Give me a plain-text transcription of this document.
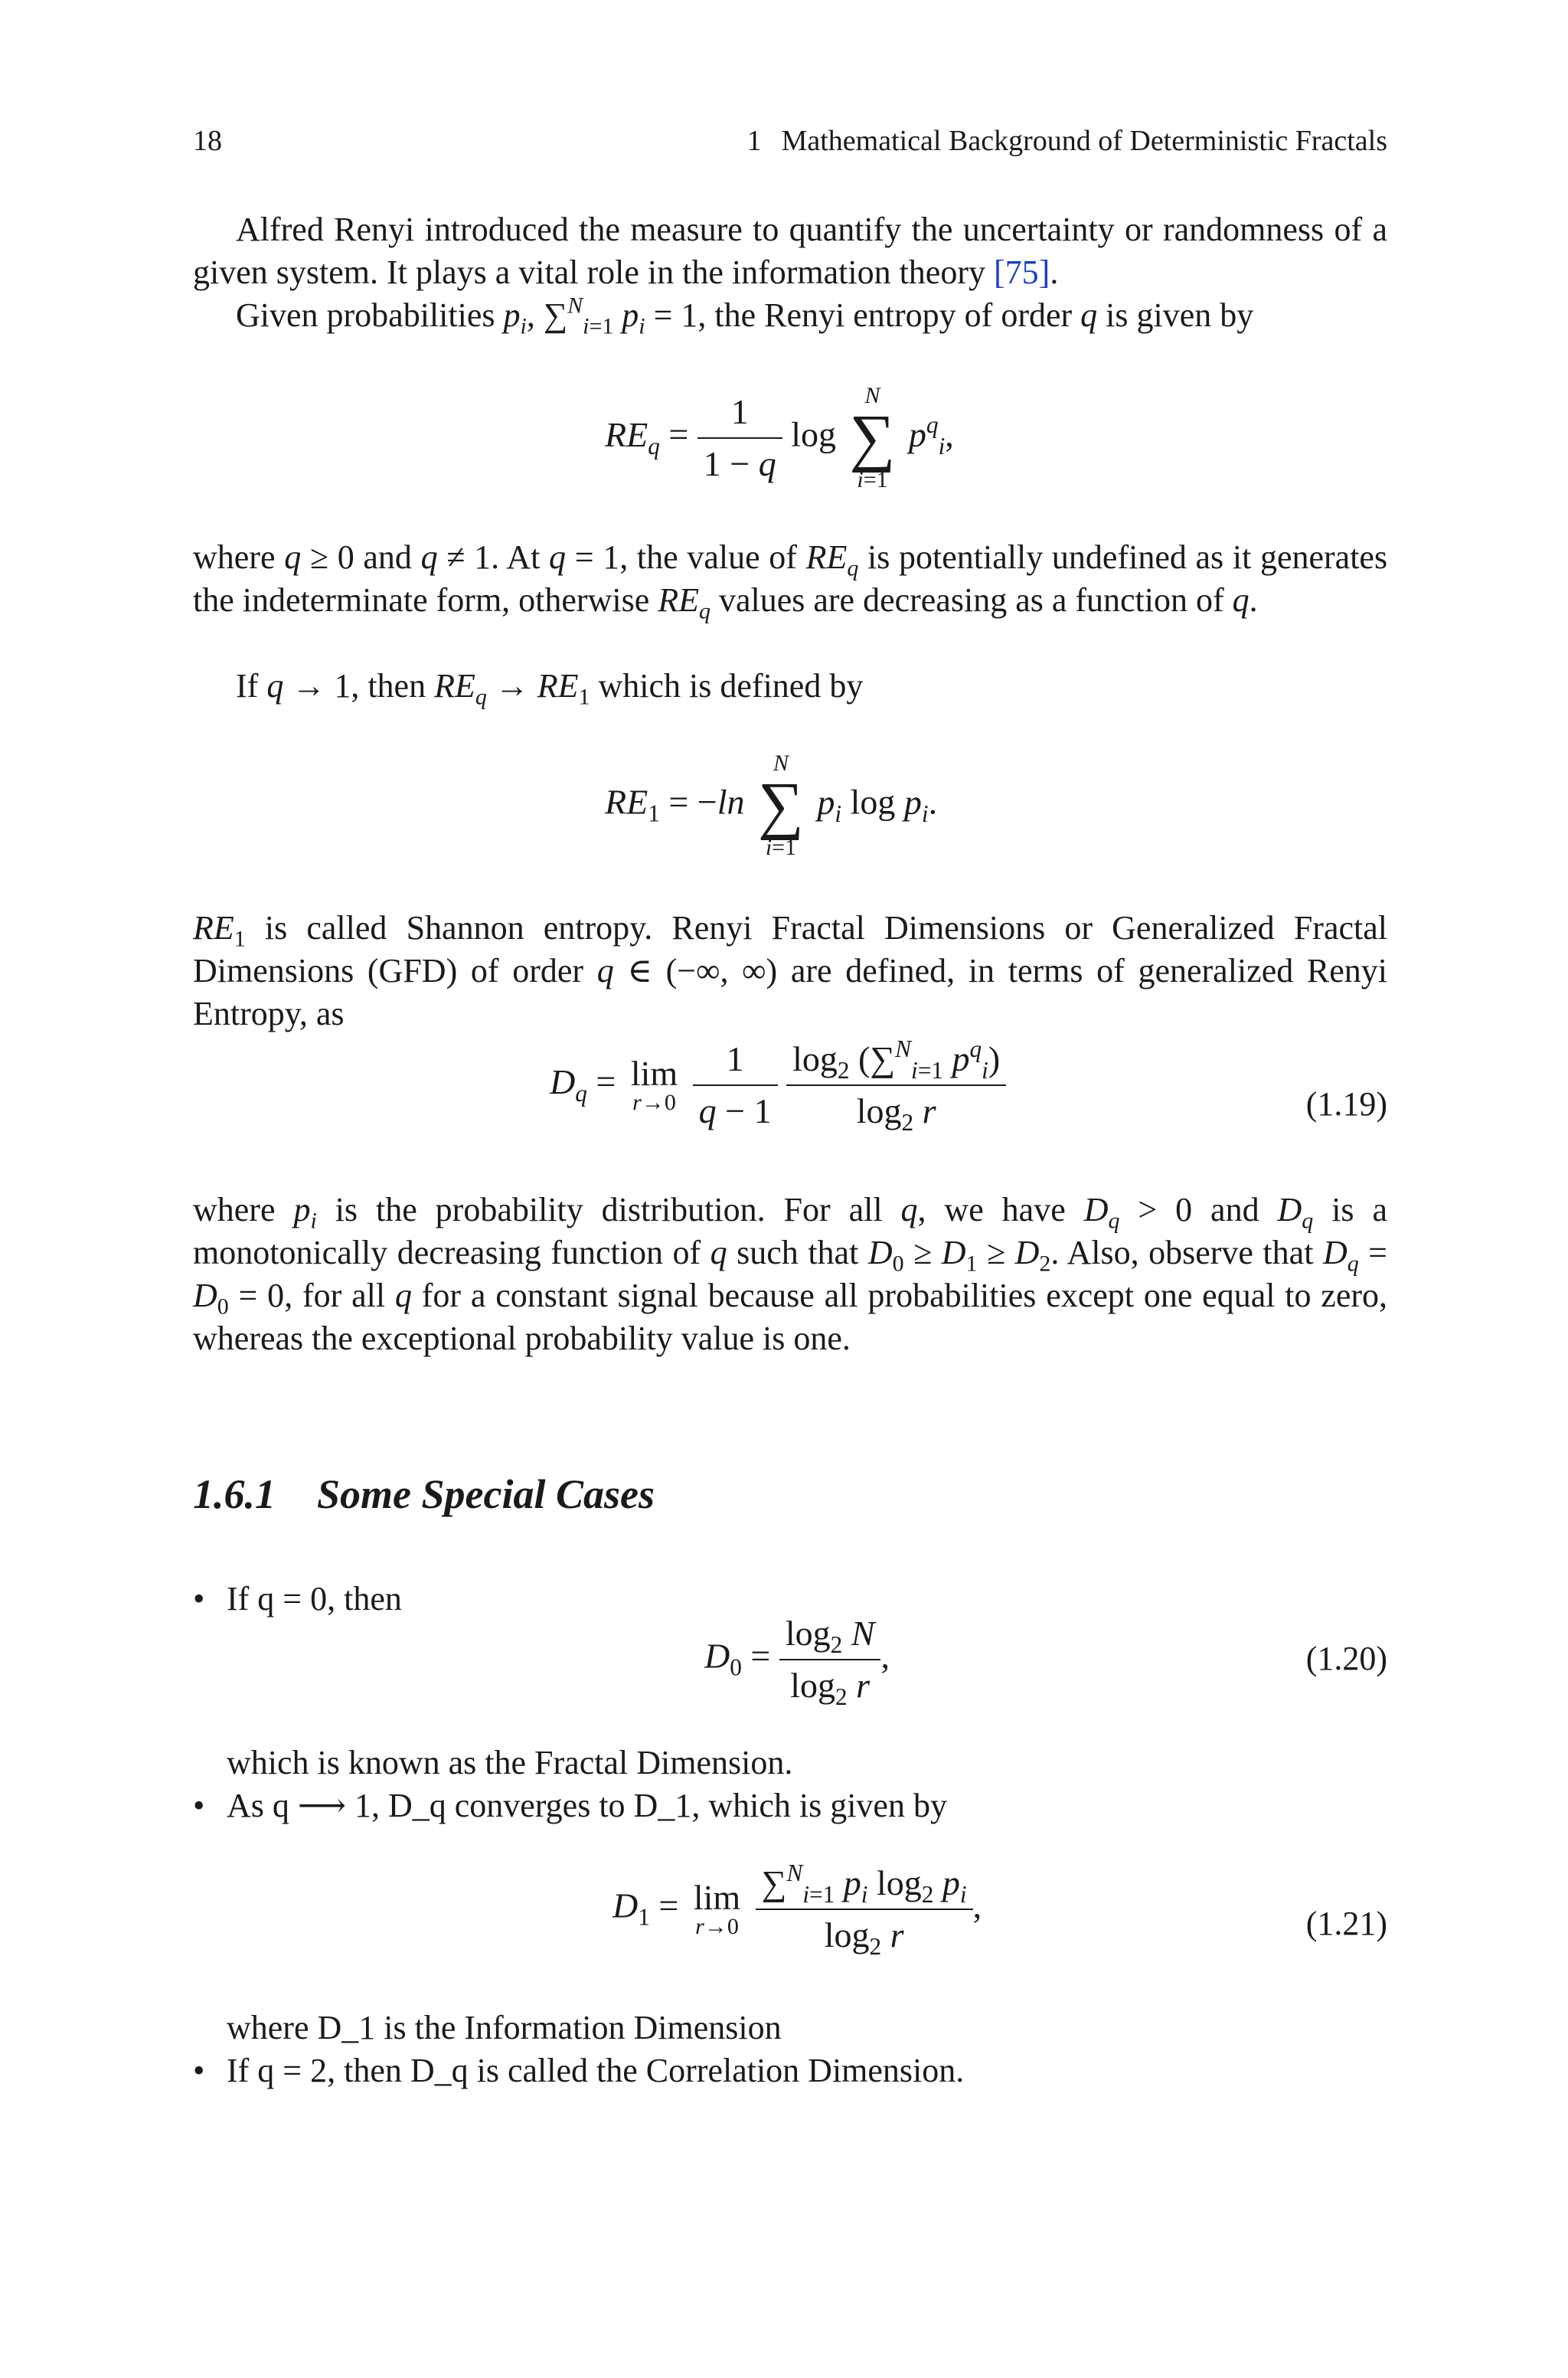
18	1 Mathematical Background of Deterministic Fractals
Alfred Renyi introduced the measure to quantify the uncertainty or randomness of a given system. It plays a vital role in the information theory [75].
Given probabilities $p_i$, ∑$^N_{i=1}$ $p_i = 1$, the Renyi entropy of order q is given by
$RE_q = \frac{1}{1 - q}$ log
N
∑
i=1
$p^q_i$,
where q ≥ 0 and q ≠ 1. At q = 1, the value of $RE_q$ is potentially undefined as it generates the indeterminate form, otherwise $RE_q$ values are decreasing as a function of q.
If q → 1, then $RE_q \to RE_1$ which is defined by
$RE_1 = -\ln$
N
∑
i=1
$p_i$ $\log p_i$.
$RE_1$ is called Shannon entropy. Renyi Fractal Dimensions or Generalized Fractal Dimensions (GFD) of order q ∈ (−∞, ∞) are defined, in terms of generalized Renyi Entropy, as
$D_q = \lim$
r→0
$\frac{1}{q - 1}$
$\frac{\log_2 (\sum^N_{i=1} p^q_i)}{\log_2 r}$	(1.19)
where $p_i$ is the probability distribution. For all q, we have $D_q > 0$ and $D_q$ is a monotonically decreasing function of q such that $D_0 \ge D_1 \ge D_2$. Also, observe that $D_q = D_0 = 0$, for all q for a constant signal because all probabilities except one equal to zero, whereas the exceptional probability value is one.
1.6.1 Some Special Cases
• If q = 0, then
$D_0 = \frac{\log_2 N}{\log_2 r}$ ,	(1.20)
which is known as the Fractal Dimension.
• As q ⟶ 1, D_q converges to D_1, which is given by
$D_1 = \lim$
r→0
$\frac{\sum^N_{i=1} p_i \log_2 p_i}{\log_2 r}$ ,	(1.21)
where D_1 is the Information Dimension
• If q = 2, then D_q is called the Correlation Dimension.
